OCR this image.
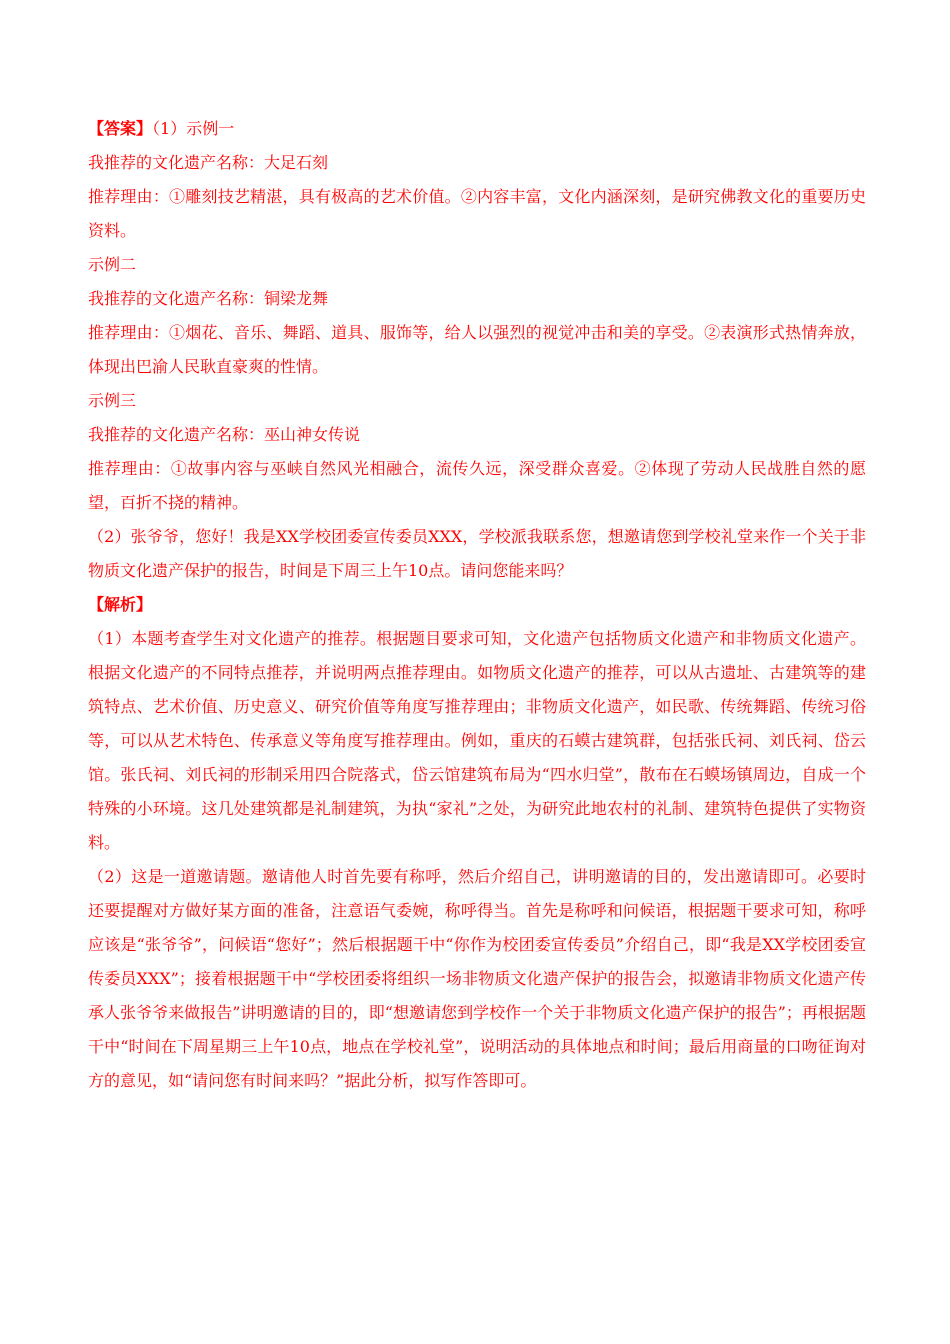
【答案】（1）示例一
我推荐的文化遗产名称：大足石刻
推荐理由：①雕刻技艺精湛，具有极高的艺术价值。②内容丰富，文化内涵深刻，是研究佛教文化的重要历史资料。
示例二
我推荐的文化遗产名称：铜梁龙舞
推荐理由：①烟花、音乐、舞蹈、道具、服饰等，给人以强烈的视觉冲击和美的享受。②表演形式热情奔放，体现出巴渝人民耿直豪爽的性情。
示例三
我推荐的文化遗产名称：巫山神女传说
推荐理由：①故事内容与巫峡自然风光相融合，流传久远，深受群众喜爱。②体现了劳动人民战胜自然的愿望，百折不挠的精神。
（2）张爷爷，您好！我是XX学校团委宣传委员XXX，学校派我联系您，想邀请您到学校礼堂来作一个关于非物质文化遗产保护的报告，时间是下周三上午10点。请问您能来吗？
【解析】
（1）本题考查学生对文化遗产的推荐。根据题目要求可知，文化遗产包括物质文化遗产和非物质文化遗产。根据文化遗产的不同特点推荐，并说明两点推荐理由。如物质文化遗产的推荐，可以从古遗址、古建筑等的建筑特点、艺术价值、历史意义、研究价值等角度写推荐理由；非物质文化遗产，如民歌、传统舞蹈、传统习俗等，可以从艺术特色、传承意义等角度写推荐理由。例如，重庆的石蟆古建筑群，包括张氏祠、刘氏祠、岱云馆。张氏祠、刘氏祠的形制采用四合院落式，岱云馆建筑布局为“四水归堂”，散布在石蟆场镇周边，自成一个特殊的小环境。这几处建筑都是礼制建筑，为执“家礼”之处，为研究此地农村的礼制、建筑特色提供了实物资料。
（2）这是一道邀请题。邀请他人时首先要有称呼，然后介绍自己，讲明邀请的目的，发出邀请即可。必要时还要提醒对方做好某方面的准备，注意语气委婉，称呼得当。首先是称呼和问候语，根据题干要求可知，称呼应该是“张爷爷”，问候语“您好”；然后根据题干中“你作为校团委宣传委员”介绍自己，即“我是XX学校团委宣传委员XXX”；接着根据题干中“学校团委将组织一场非物质文化遗产保护的报告会，拟邀请非物质文化遗产传承人张爷爷来做报告”讲明邀请的目的，即“想邀请您到学校作一个关于非物质文化遗产保护的报告”；再根据题干中“时间在下周星期三上午10点，地点在学校礼堂”，说明活动的具体地点和时间；最后用商量的口吻征询对方的意见，如“请问您有时间来吗？”据此分析，拟写作答即可。
